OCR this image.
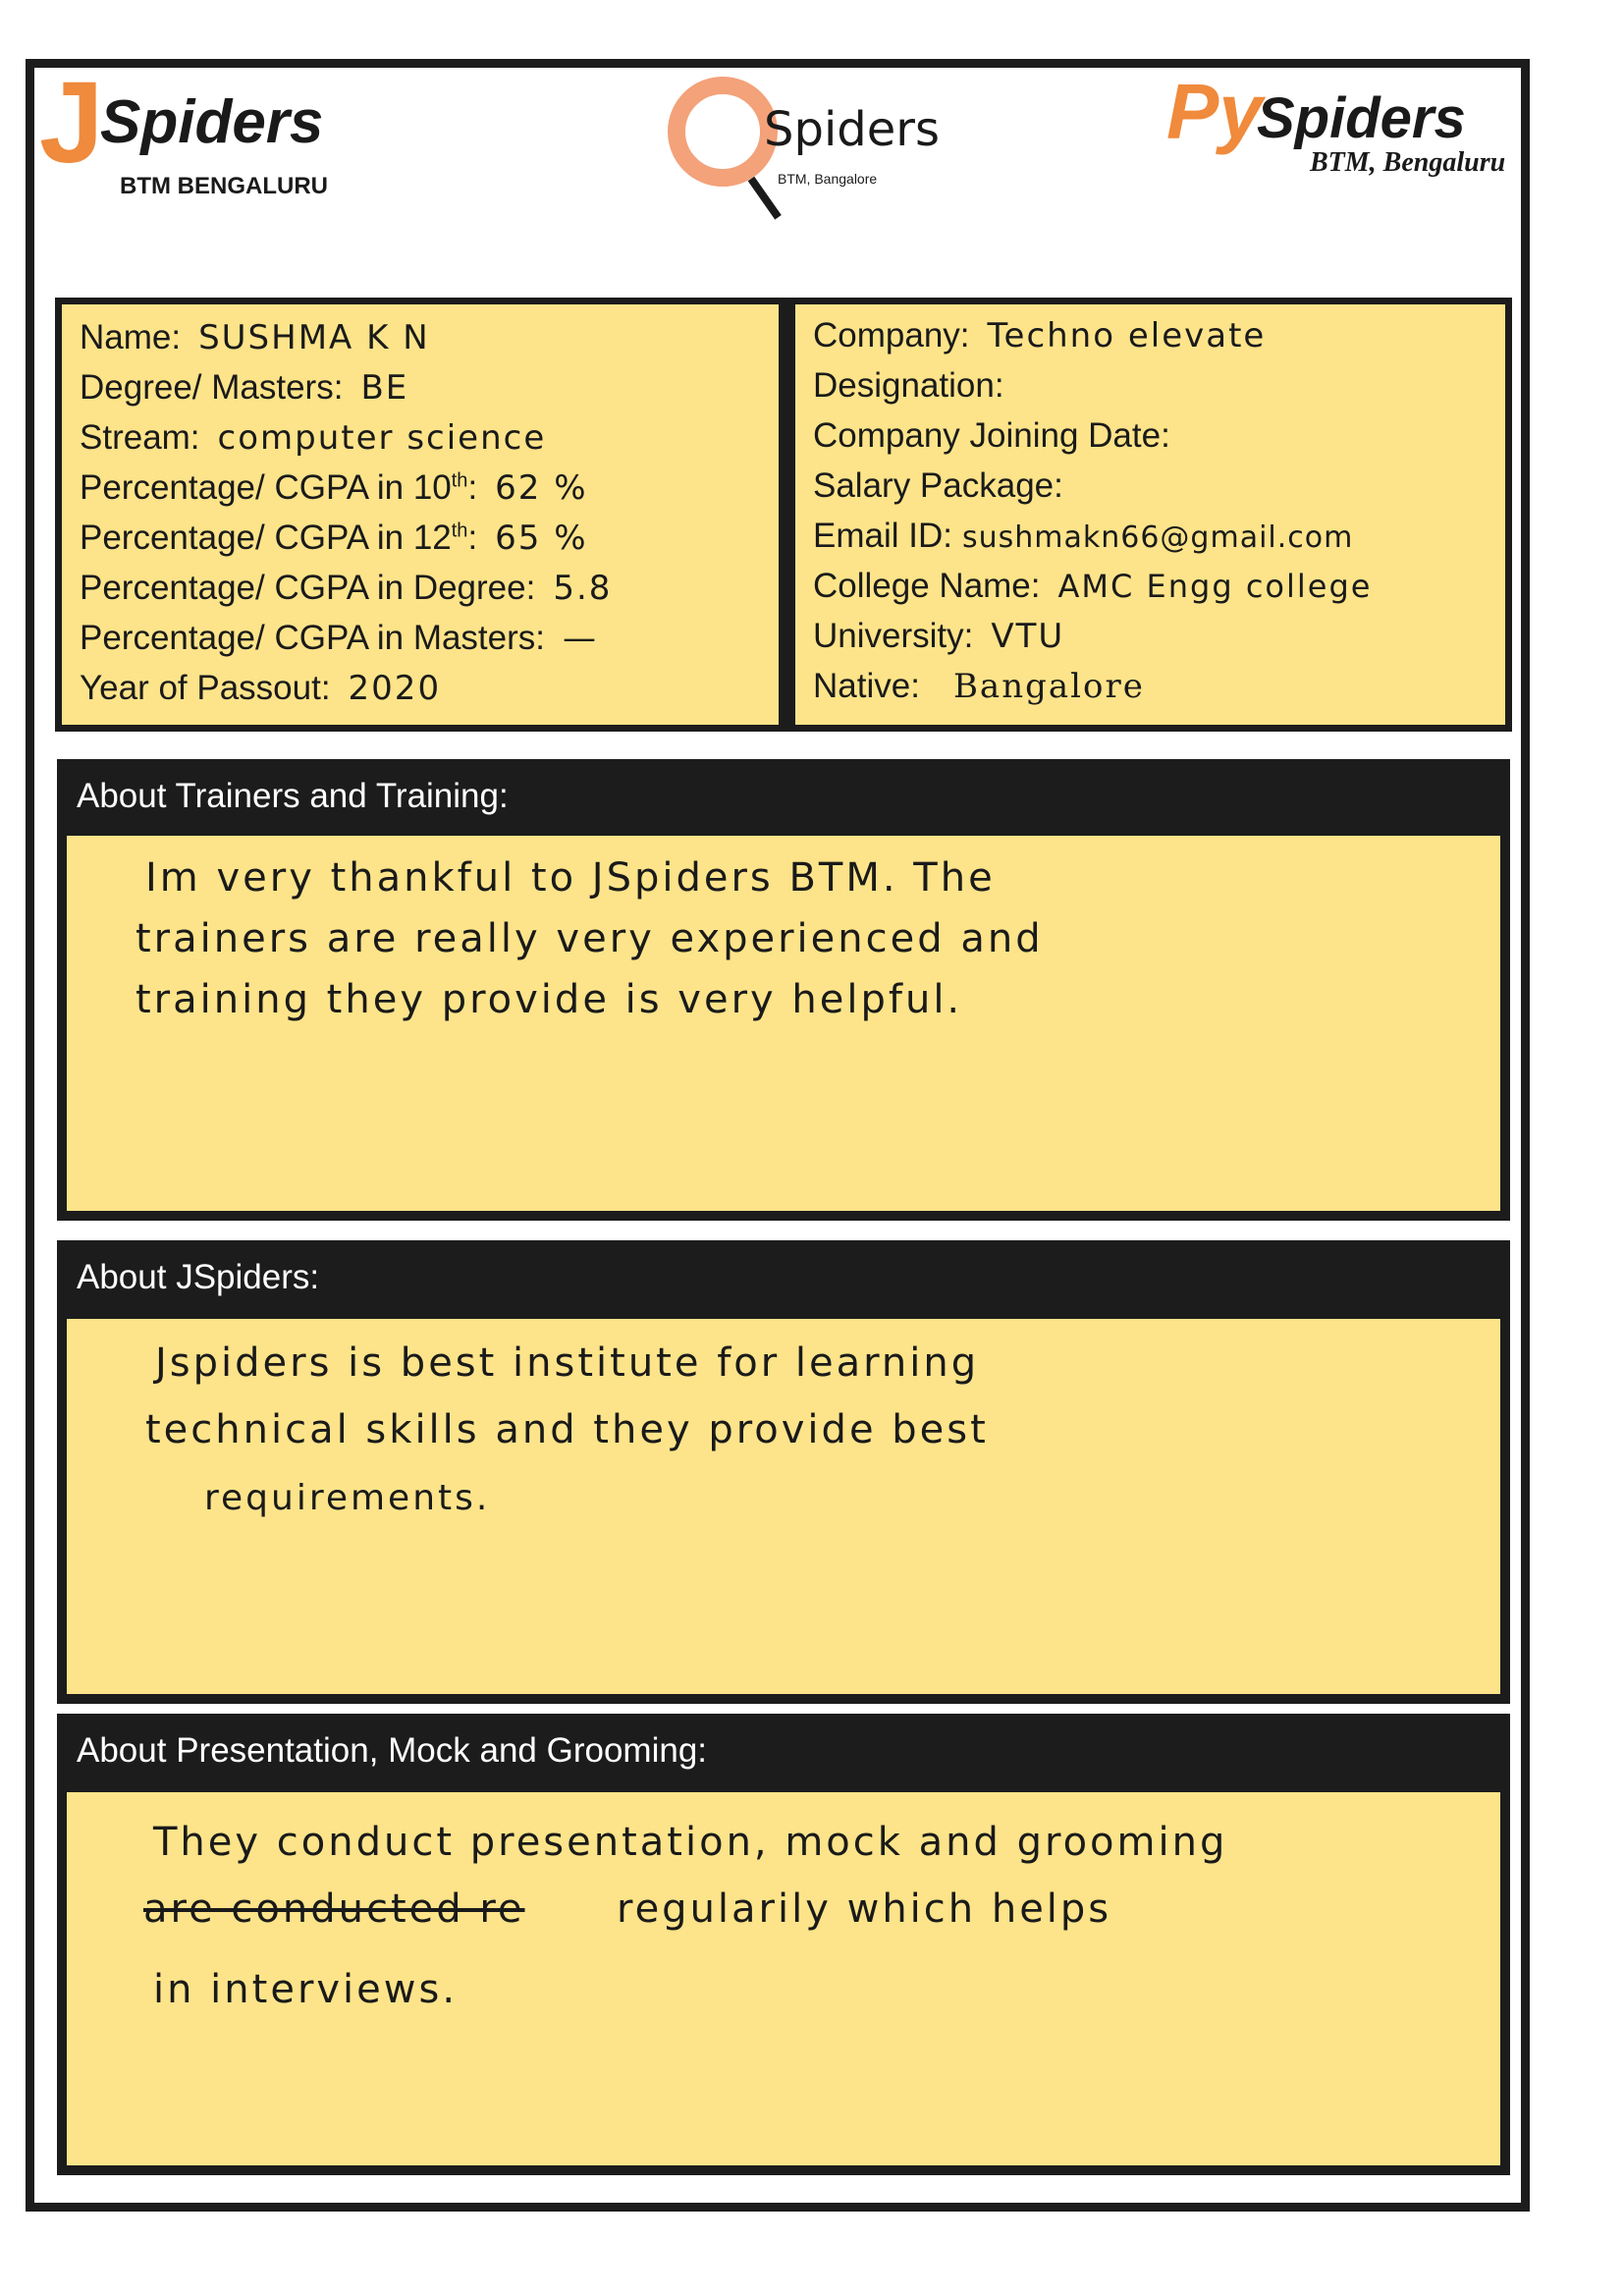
J
Spiders
BTM BENGALURU
Spiders
BTM, Bangalore
Py
Spiders
BTM, Bengaluru
Name: SUSHMA K N
Degree/ Masters: BE
Stream: computer science
Percentage/ CGPA in 10th: 62 %
Percentage/ CGPA in 12th: 65 %
Percentage/ CGPA in Degree: 5.8
Percentage/ CGPA in Masters: —
Year of Passout: 2020
Company: Techno elevate
Designation:
Company Joining Date:
Salary Package:
Email ID: sushmakn66@gmail.com
College Name: AMC Engg college
University: VTU
Native: Bangalore
About Trainers and Training:
Im very thankful to JSpiders BTM. The
trainers are really very experienced and
training they provide is very helpful.
About JSpiders:
Jspiders is best institute for learning
technical skills and they provide best
requirements.
About Presentation, Mock and Grooming:
They conduct presentation, mock and grooming
are conducted re regularily which helps
in interviews.
